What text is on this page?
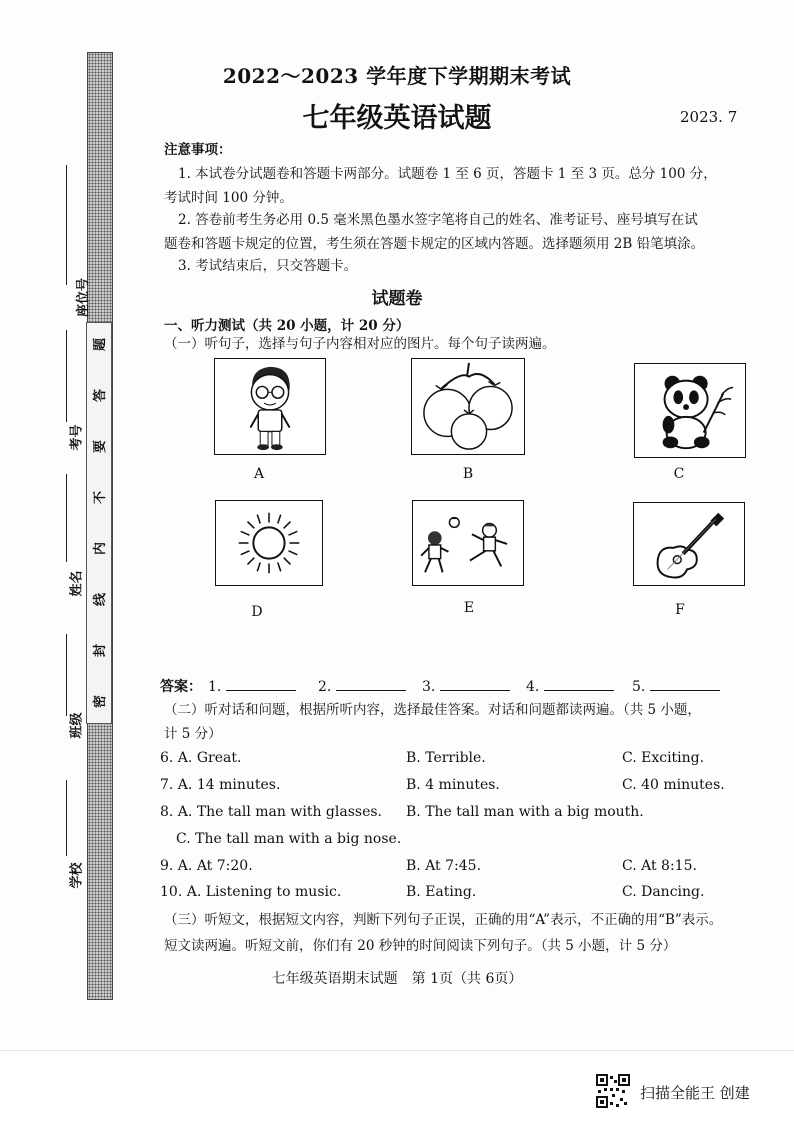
题
答
要
不
内
线
封
密
座位号
考号
姓名
班级
学校
2022～2023 学年度下学期期末考试
七年级英语试题	2023. 7
注意事项：
1. 本试卷分试题卷和答题卡两部分。试题卷 1 至 6 页，答题卡 1 至 3 页。总分 100 分，
考试时间 100 分钟。
2. 答卷前考生务必用 0.5 毫米黑色墨水签字笔将自己的姓名、准考证号、座号填写在试
题卷和答题卡规定的位置，考生须在答题卡规定的区域内答题。选择题须用 2B 铅笔填涂。
3. 考试结束后，只交答题卡。
试题卷
一、听力测试（共 20 小题，计 20 分）
（一）听句子，选择与句子内容相对应的图片。每个句子读两遍。
A	B	C
D	E	F
答案： 1.	2.	3.	4.	5.
（二）听对话和问题，根据所听内容，选择最佳答案。对话和问题都读两遍。（共 5 小题，
计 5 分）
6. A. Great.	B. Terrible.	C. Exciting.
7. A. 14 minutes.	B. 4 minutes.	C. 40 minutes.
8. A. The tall man with glasses. B. The tall man with a big mouth.
C. The tall man with a big nose.
9. A. At 7:20.	B. At 7:45.	C. At 8:15.
10. A. Listening to music.	B. Eating.	C. Dancing.
（三）听短文，根据短文内容，判断下列句子正误，正确的用“A”表示，不正确的用“B”表示。
短文读两遍。听短文前，你们有 20 秒钟的时间阅读下列句子。（共 5 小题，计 5 分）
七年级英语期末试题　第 1页（共 6页）
扫描全能王 创建
